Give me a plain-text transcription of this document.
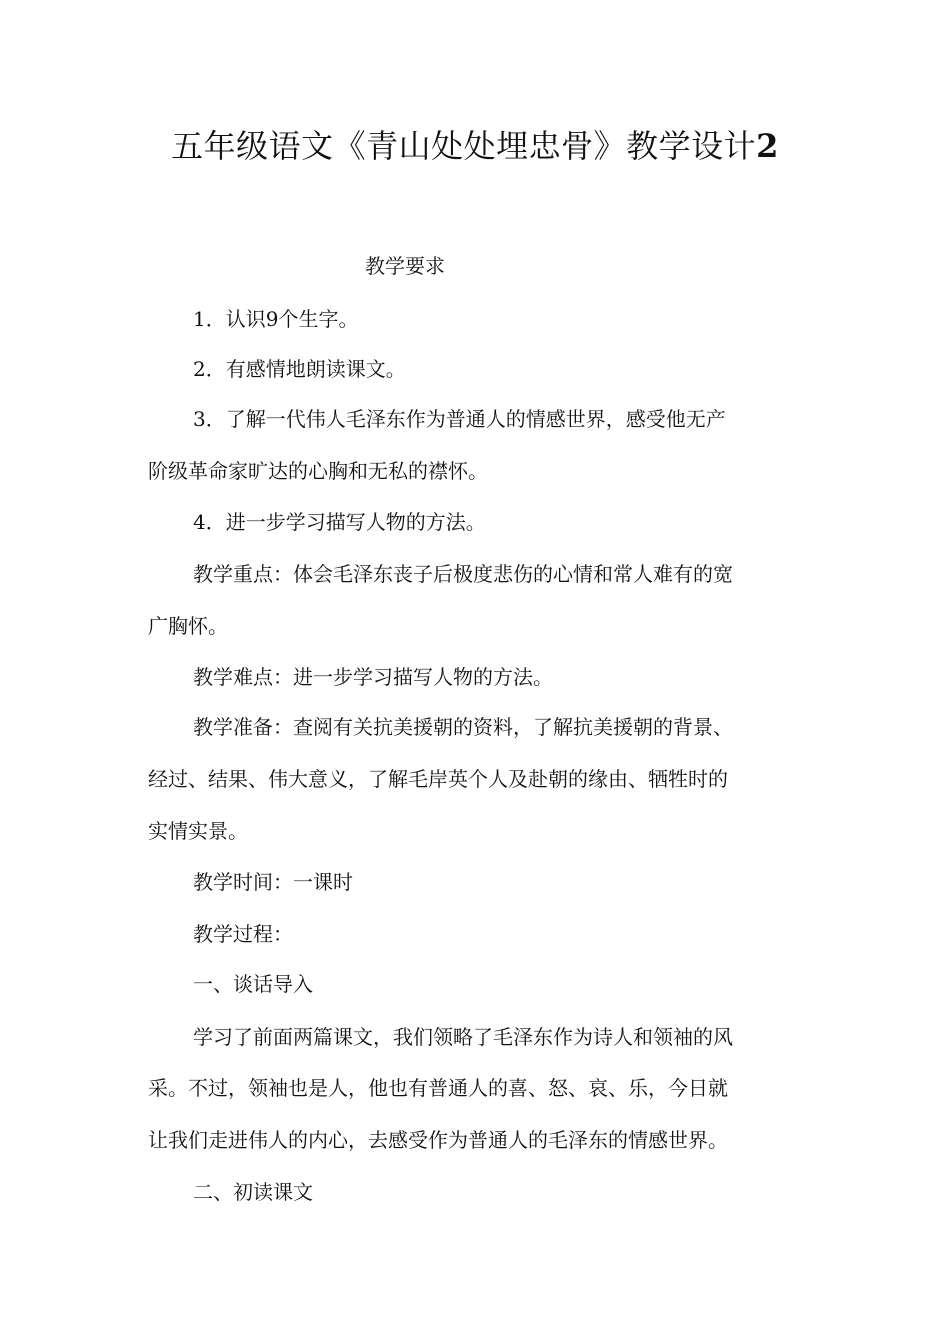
五年级语文《青山处处埋忠骨》教学设计2
教学要求
1．认识9个生字。
2．有感情地朗读课文。
3．了解一代伟人毛泽东作为普通人的情感世界，感受他无产
阶级革命家旷达的心胸和无私的襟怀。
4．进一步学习描写人物的方法。
教学重点：体会毛泽东丧子后极度悲伤的心情和常人难有的宽
广胸怀。
教学难点：进一步学习描写人物的方法。
教学准备：查阅有关抗美援朝的资料，了解抗美援朝的背景、
经过、结果、伟大意义，了解毛岸英个人及赴朝的缘由、牺牲时的
实情实景。
教学时间：一课时
教学过程：
一、谈话导入
学习了前面两篇课文，我们领略了毛泽东作为诗人和领袖的风
采。不过，领袖也是人，他也有普通人的喜、怒、哀、乐，今日就
让我们走进伟人的内心，去感受作为普通人的毛泽东的情感世界。
二、初读课文
